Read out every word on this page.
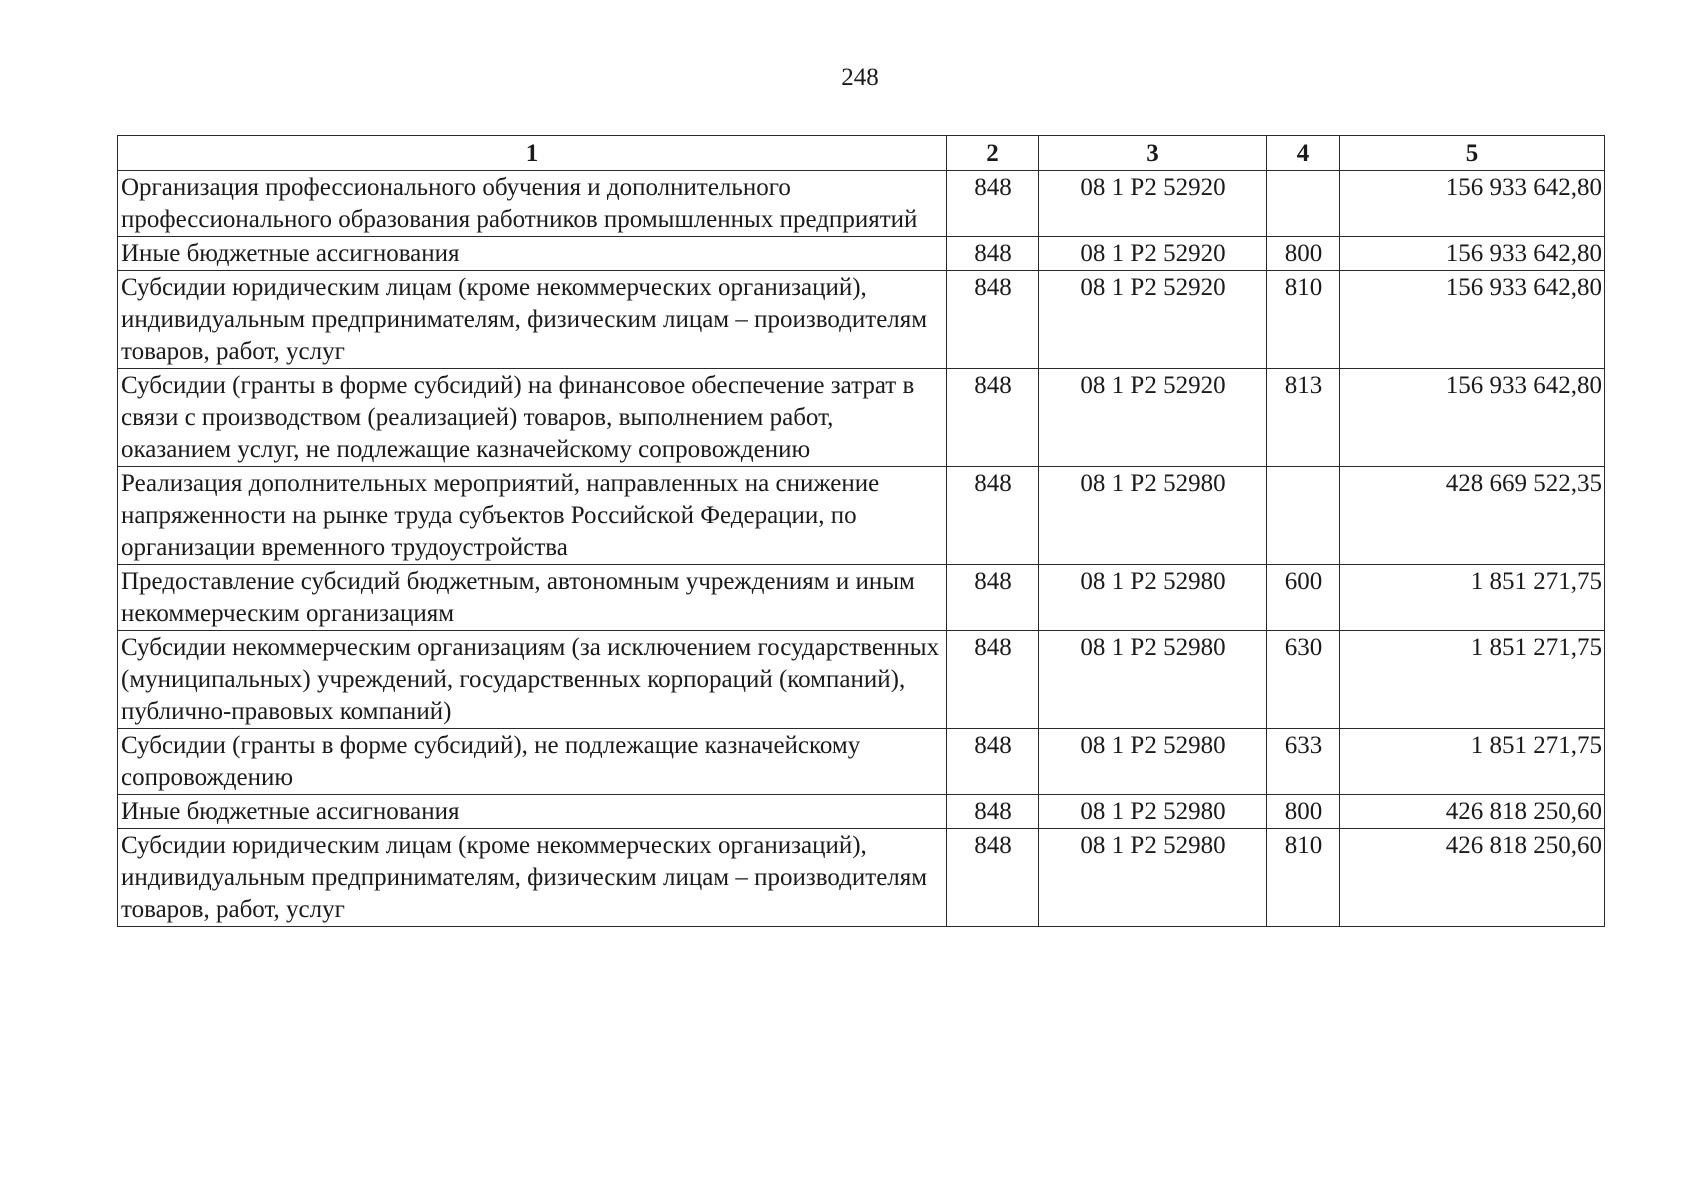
248
1	2	3	4	5
Организация профессионального обучения и дополнительного профессионального образования работников промышленных предприятий	848	08 1 Р2 52920		156 933 642,80
Иные бюджетные ассигнования	848	08 1 Р2 52920	800	156 933 642,80
Субсидии юридическим лицам (кроме некоммерческих организаций), индивидуальным предпринимателям, физическим лицам – производителям товаров, работ, услуг	848	08 1 Р2 52920	810	156 933 642,80
Субсидии (гранты в форме субсидий) на финансовое обеспечение затрат в связи с производством (реализацией) товаров, выполнением работ, оказанием услуг, не подлежащие казначейскому сопровождению	848	08 1 Р2 52920	813	156 933 642,80
Реализация дополнительных мероприятий, направленных на снижение напряженности на рынке труда субъектов Российской Федерации, по организации временного трудоустройства	848	08 1 Р2 52980		428 669 522,35
Предоставление субсидий бюджетным, автономным учреждениям и иным некоммерческим организациям	848	08 1 Р2 52980	600	1 851 271,75
Субсидии некоммерческим организациям (за исключением государственных (муниципальных) учреждений, государственных корпораций (компаний), публично-правовых компаний)	848	08 1 Р2 52980	630	1 851 271,75
Субсидии (гранты в форме субсидий), не подлежащие казначейскому сопровождению	848	08 1 Р2 52980	633	1 851 271,75
Иные бюджетные ассигнования	848	08 1 Р2 52980	800	426 818 250,60
Субсидии юридическим лицам (кроме некоммерческих организаций), индивидуальным предпринимателям, физическим лицам – производителям товаров, работ, услуг	848	08 1 Р2 52980	810	426 818 250,60
